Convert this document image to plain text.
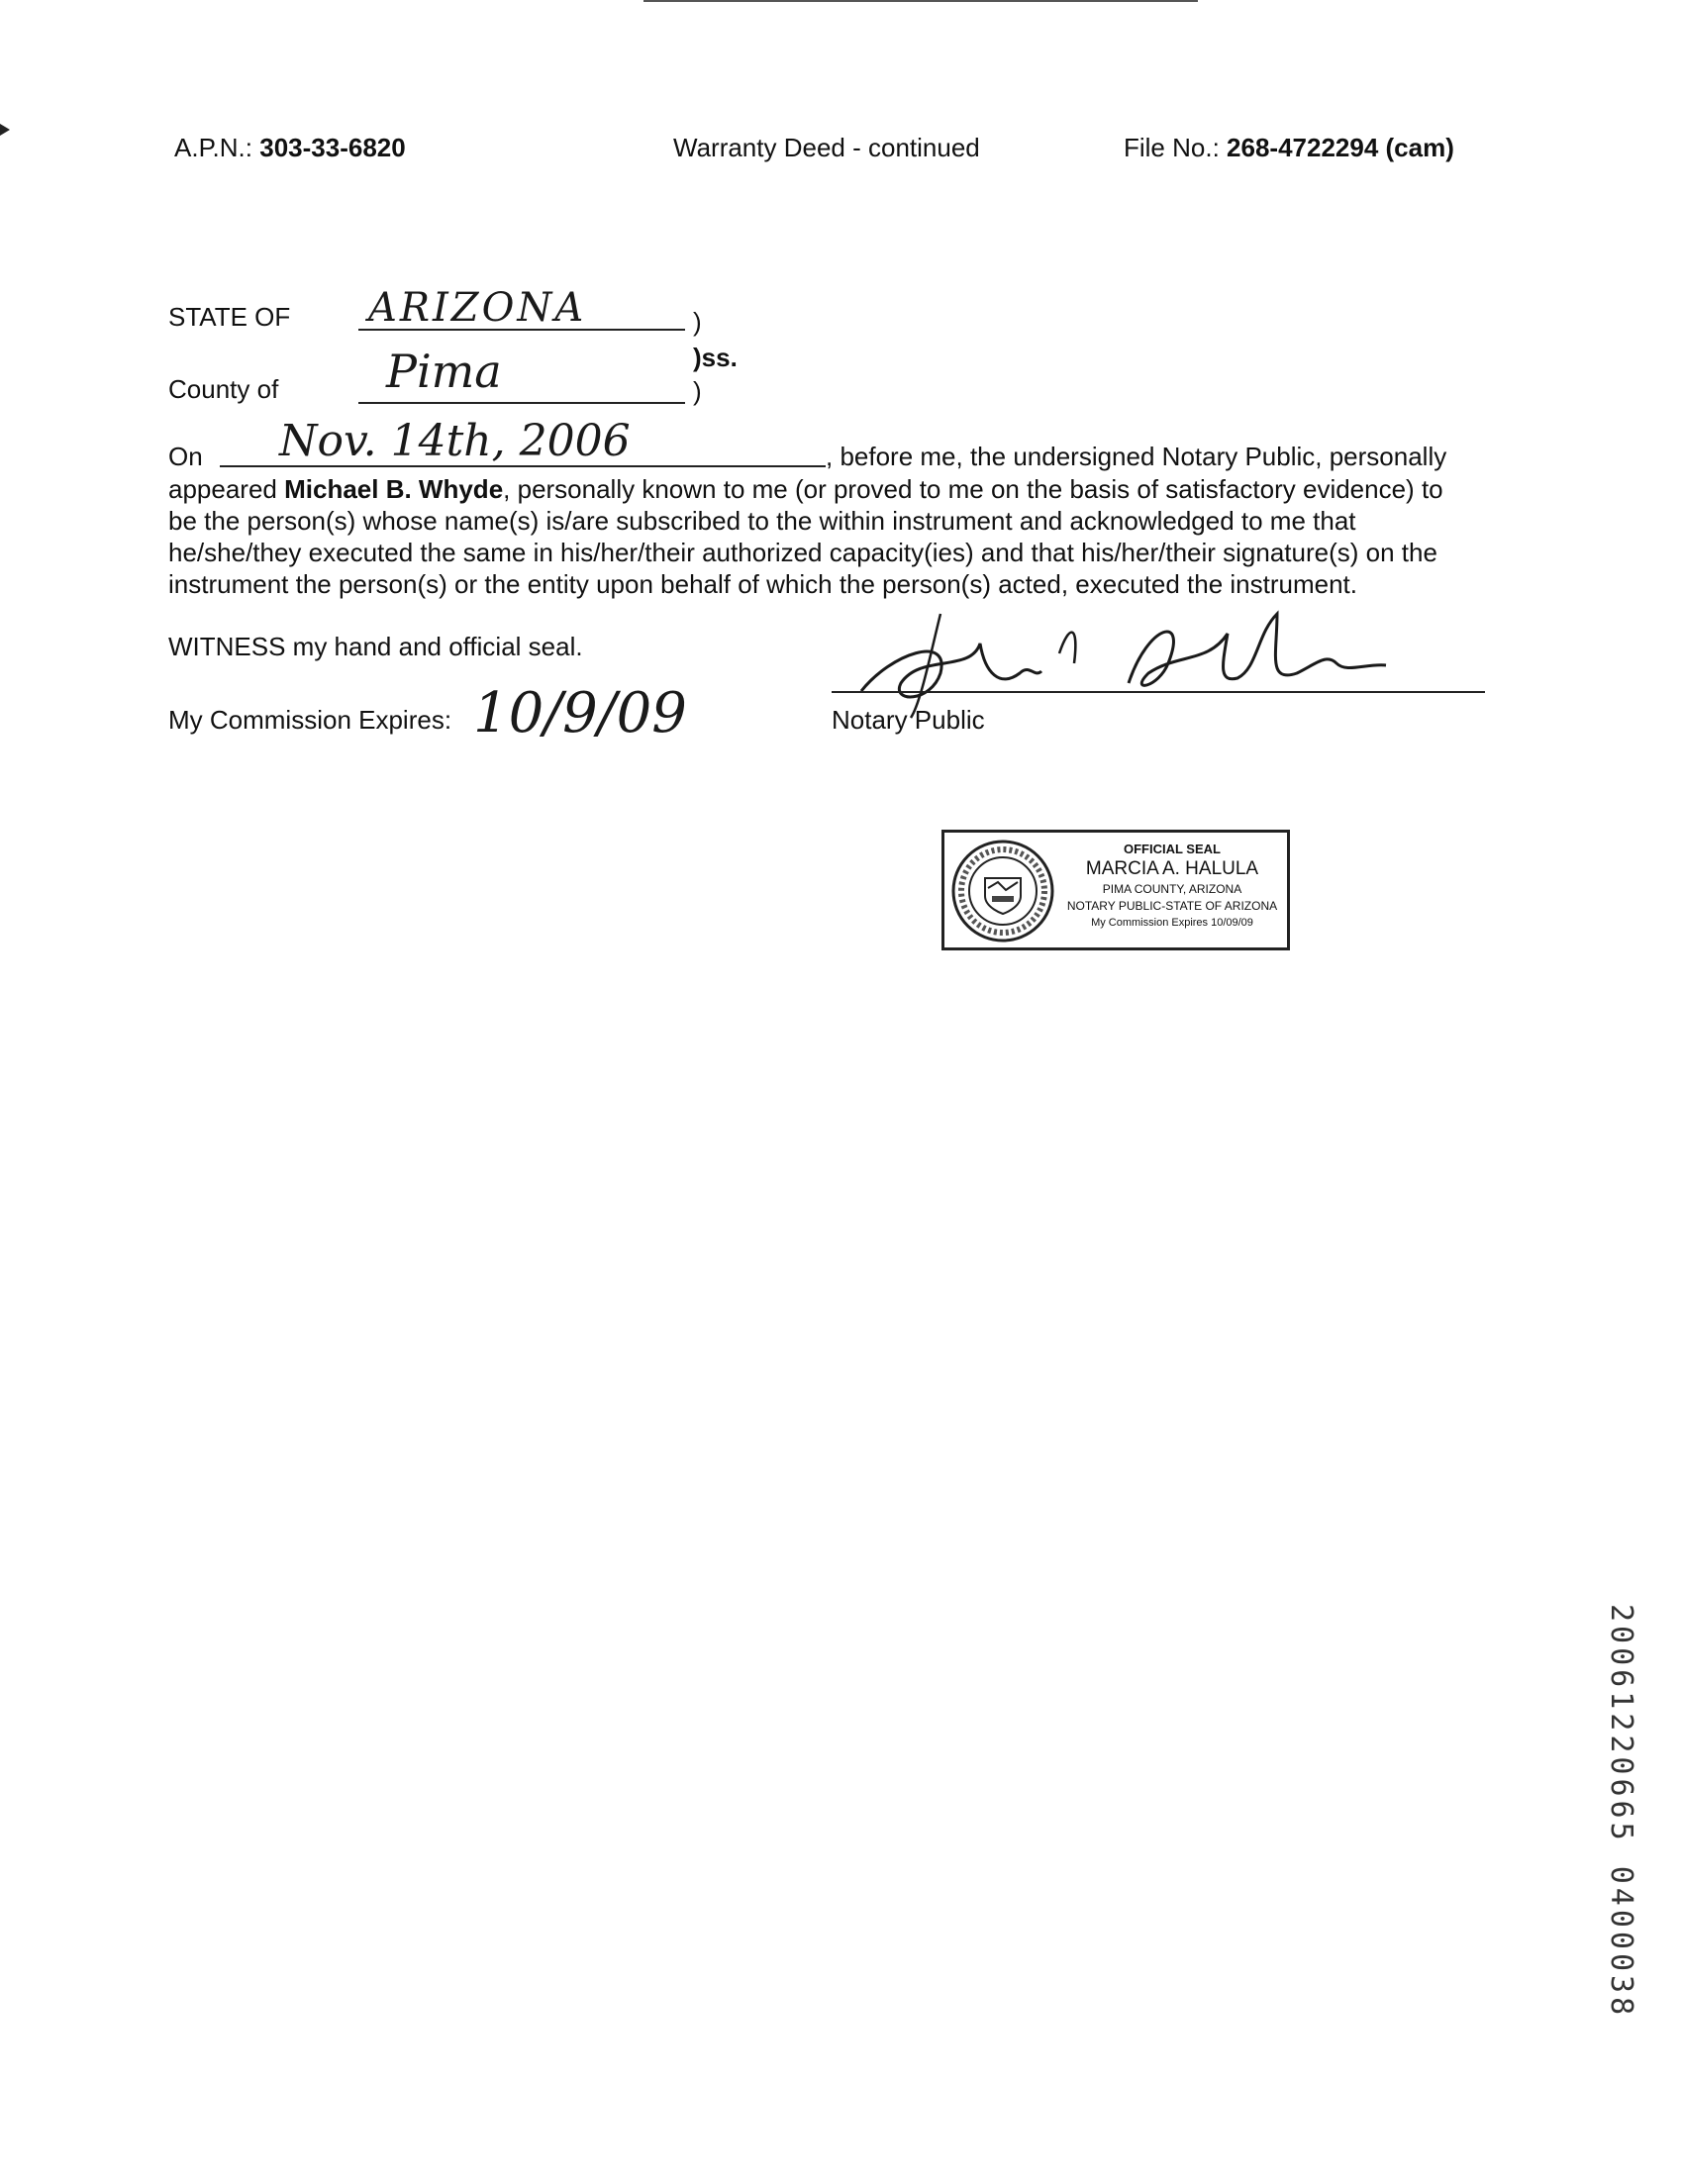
A.P.N.: 303-33-6820	Warranty Deed - continued	File No.: 268-4722294 (cam)
STATE OF ARIZONA	)
)ss.
County of Pima	)
On Nov. 14th, 2006	, before me, the undersigned Notary Public, personally
appeared Michael B. Whyde, personally known to me (or proved to me on the basis of satisfactory evidence) to
be the person(s) whose name(s) is/are subscribed to the within instrument and acknowledged to me that
he/she/they executed the same in his/her/their authorized capacity(ies) and that his/her/their signature(s) on the
instrument the person(s) or the entity upon behalf of which the person(s) acted, executed the instrument.
WITNESS my hand and official seal.
My Commission Expires: 10/9/09	Notary Public
OFFICIAL SEAL
MARCIA A. HALULA
PIMA COUNTY, ARIZONA
NOTARY PUBLIC-STATE OF ARIZONA
My Commission Expires 10/09/09
20061220665 0400038
